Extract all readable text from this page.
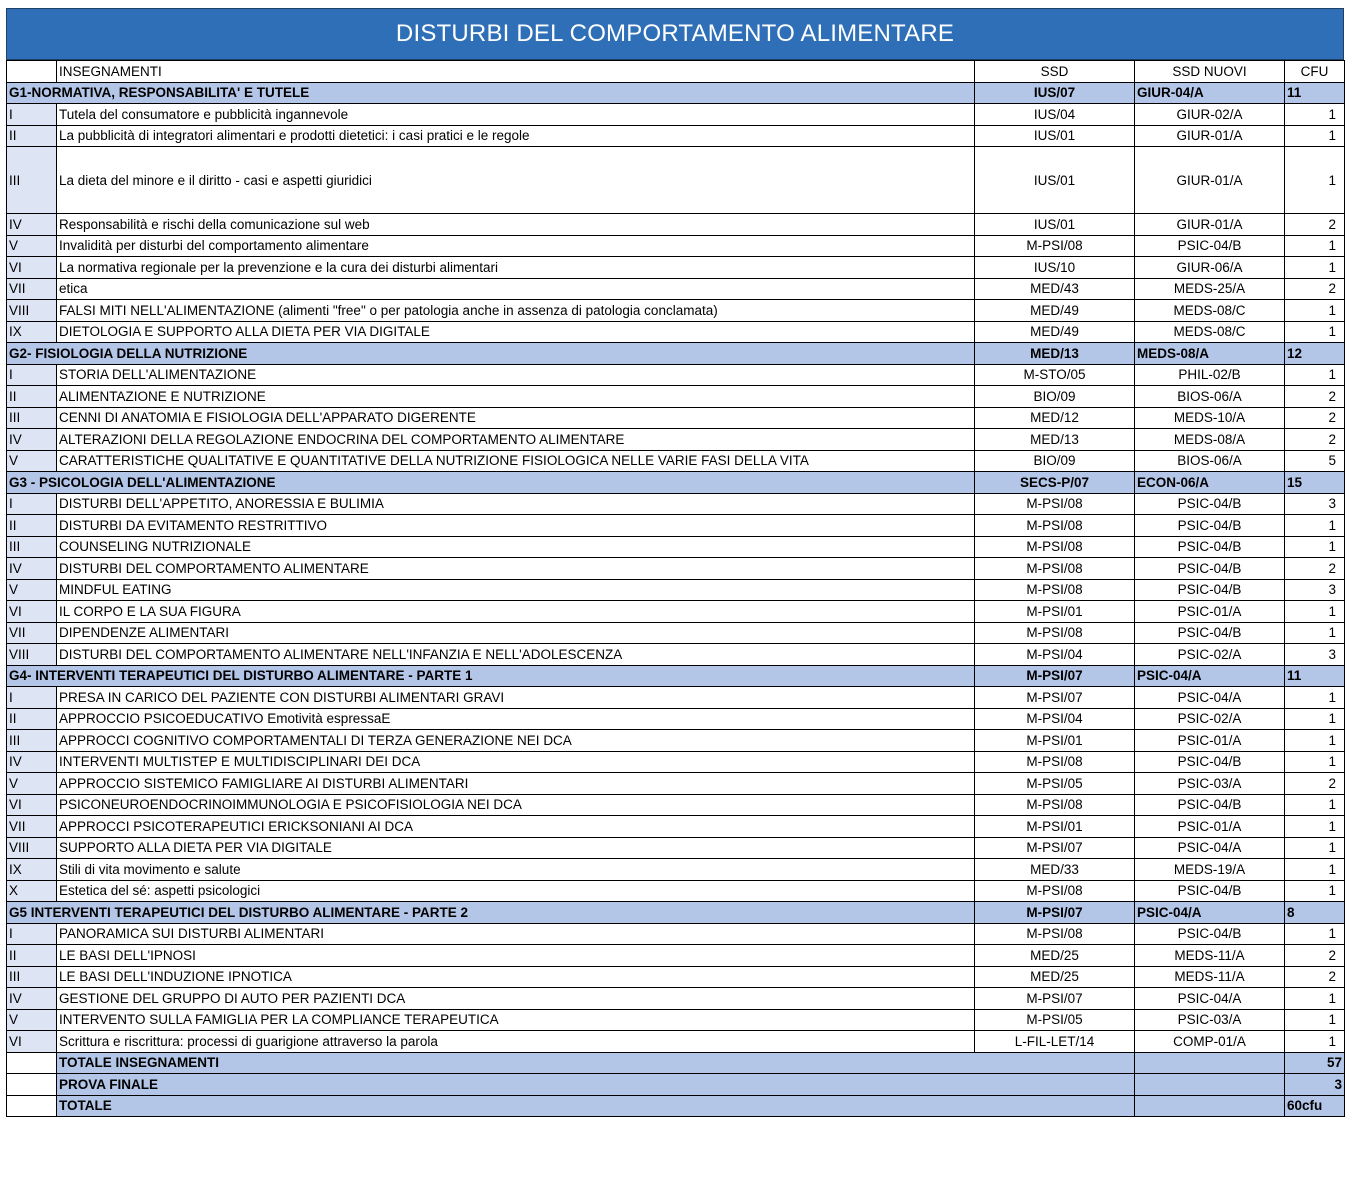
DISTURBI DEL COMPORTAMENTO ALIMENTARE
	INSEGNAMENTI	SSD	SSD NUOVI	CFU
G1-NORMATIVA, RESPONSABILITA' E TUTELE		IUS/07	GIUR-04/A	11
I	Tutela del consumatore e pubblicità ingannevole	IUS/04	GIUR-02/A	1
II	La pubblicità di integratori alimentari e prodotti dietetici: i casi pratici e le regole	IUS/01	GIUR-01/A	1
III	La dieta del minore e il diritto - casi e aspetti giuridici	IUS/01	GIUR-01/A	1
IV	Responsabilità e rischi della comunicazione sul web	IUS/01	GIUR-01/A	2
V	Invalidità per disturbi del comportamento alimentare	M-PSI/08	PSIC-04/B	1
VI	La normativa regionale per la prevenzione e la cura dei disturbi alimentari	IUS/10	GIUR-06/A	1
VII	etica	MED/43	MEDS-25/A	2
VIII	FALSI MITI NELL'ALIMENTAZIONE (alimenti "free" o per patologia anche in assenza di patologia conclamata)	MED/49	MEDS-08/C	1
IX	DIETOLOGIA E SUPPORTO ALLA DIETA PER VIA DIGITALE	MED/49	MEDS-08/C	1
G2- FISIOLOGIA DELLA NUTRIZIONE		MED/13	MEDS-08/A	12
I	STORIA DELL'ALIMENTAZIONE	M-STO/05	PHIL-02/B	1
II	ALIMENTAZIONE E NUTRIZIONE	BIO/09	BIOS-06/A	2
III	CENNI DI ANATOMIA E FISIOLOGIA DELL'APPARATO DIGERENTE	MED/12	MEDS-10/A	2
IV	ALTERAZIONI DELLA REGOLAZIONE ENDOCRINA DEL COMPORTAMENTO ALIMENTARE	MED/13	MEDS-08/A	2
V	CARATTERISTICHE QUALITATIVE E QUANTITATIVE DELLA NUTRIZIONE FISIOLOGICA NELLE VARIE FASI DELLA VITA	BIO/09	BIOS-06/A	5
G3 - PSICOLOGIA DELL'ALIMENTAZIONE		SECS-P/07	ECON-06/A	15
I	DISTURBI DELL'APPETITO, ANORESSIA E BULIMIA	M-PSI/08	PSIC-04/B	3
II	DISTURBI DA EVITAMENTO RESTRITTIVO	M-PSI/08	PSIC-04/B	1
III	COUNSELING NUTRIZIONALE	M-PSI/08	PSIC-04/B	1
IV	DISTURBI DEL COMPORTAMENTO ALIMENTARE	M-PSI/08	PSIC-04/B	2
V	MINDFUL EATING	M-PSI/08	PSIC-04/B	3
VI	IL CORPO E LA SUA FIGURA	M-PSI/01	PSIC-01/A	1
VII	DIPENDENZE ALIMENTARI	M-PSI/08	PSIC-04/B	1
VIII	DISTURBI DEL COMPORTAMENTO ALIMENTARE NELL'INFANZIA E NELL'ADOLESCENZA	M-PSI/04	PSIC-02/A	3
G4- INTERVENTI TERAPEUTICI DEL DISTURBO ALIMENTARE - PARTE 1		M-PSI/07	PSIC-04/A	11
I	PRESA IN CARICO DEL PAZIENTE CON DISTURBI ALIMENTARI GRAVI	M-PSI/07	PSIC-04/A	1
II	APPROCCIO PSICOEDUCATIVO Emotività espressaE	M-PSI/04	PSIC-02/A	1
III	APPROCCI COGNITIVO COMPORTAMENTALI DI TERZA GENERAZIONE NEI DCA	M-PSI/01	PSIC-01/A	1
IV	INTERVENTI MULTISTEP E MULTIDISCIPLINARI DEI DCA	M-PSI/08	PSIC-04/B	1
V	APPROCCIO SISTEMICO FAMIGLIARE AI DISTURBI ALIMENTARI	M-PSI/05	PSIC-03/A	2
VI	PSICONEUROENDOCRINOIMMUNOLOGIA E PSICOFISIOLOGIA NEI DCA	M-PSI/08	PSIC-04/B	1
VII	APPROCCI PSICOTERAPEUTICI ERICKSONIANI AI DCA	M-PSI/01	PSIC-01/A	1
VIII	SUPPORTO ALLA DIETA PER VIA DIGITALE	M-PSI/07	PSIC-04/A	1
IX	Stili di vita movimento e salute	MED/33	MEDS-19/A	1
X	Estetica del sé: aspetti psicologici	M-PSI/08	PSIC-04/B	1
G5 INTERVENTI TERAPEUTICI DEL DISTURBO ALIMENTARE - PARTE 2		M-PSI/07	PSIC-04/A	8
I	PANORAMICA SUI DISTURBI ALIMENTARI	M-PSI/08	PSIC-04/B	1
II	LE BASI DELL'IPNOSI	MED/25	MEDS-11/A	2
III	LE BASI DELL'INDUZIONE IPNOTICA	MED/25	MEDS-11/A	2
IV	GESTIONE DEL GRUPPO DI AUTO PER PAZIENTI DCA	M-PSI/07	PSIC-04/A	1
V	INTERVENTO SULLA FAMIGLIA PER LA COMPLIANCE TERAPEUTICA	M-PSI/05	PSIC-03/A	1
VI	Scrittura e riscrittura: processi di guarigione attraverso la parola	L-FIL-LET/14	COMP-01/A	1
	TOTALE INSEGNAMENTI			57
	PROVA FINALE			3
	TOTALE			60cfu
